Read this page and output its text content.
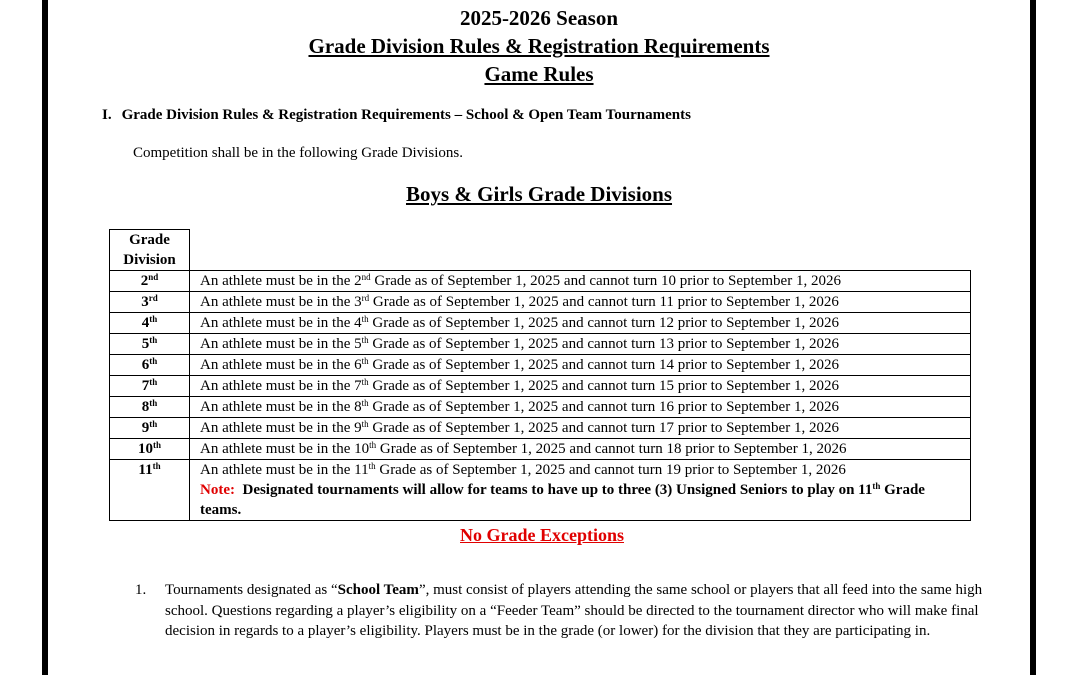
2025-2026 Season
Grade Division Rules & Registration Requirements
Game Rules
I. Grade Division Rules & Registration Requirements – School & Open Team Tournaments
Competition shall be in the following Grade Divisions.
Boys & Girls Grade Divisions
Grade
Division	
2nd	An athlete must be in the 2nd Grade as of September 1, 2025 and cannot turn 10 prior to September 1, 2026
3rd	An athlete must be in the 3rd Grade as of September 1, 2025 and cannot turn 11 prior to September 1, 2026
4th	An athlete must be in the 4th Grade as of September 1, 2025 and cannot turn 12 prior to September 1, 2026
5th	An athlete must be in the 5th Grade as of September 1, 2025 and cannot turn 13 prior to September 1, 2026
6th	An athlete must be in the 6th Grade as of September 1, 2025 and cannot turn 14 prior to September 1, 2026
7th	An athlete must be in the 7th Grade as of September 1, 2025 and cannot turn 15 prior to September 1, 2026
8th	An athlete must be in the 8th Grade as of September 1, 2025 and cannot turn 16 prior to September 1, 2026
9th	An athlete must be in the 9th Grade as of September 1, 2025 and cannot turn 17 prior to September 1, 2026
10th	An athlete must be in the 10th Grade as of September 1, 2025 and cannot turn 18 prior to September 1, 2026
11th	An athlete must be in the 11th Grade as of September 1, 2025 and cannot turn 19 prior to September 1, 2026
Note: Designated tournaments will allow for teams to have up to three (3) Unsigned Seniors to play on 11th Grade teams.
No Grade Exceptions
1. Tournaments designated as “School Team”, must consist of players attending the same school or players that all feed into the same high school. Questions regarding a player’s eligibility on a “Feeder Team” should be directed to the tournament director who will make final decision in regards to a player’s eligibility. Players must be in the grade (or lower) for the division that they are participating in.
